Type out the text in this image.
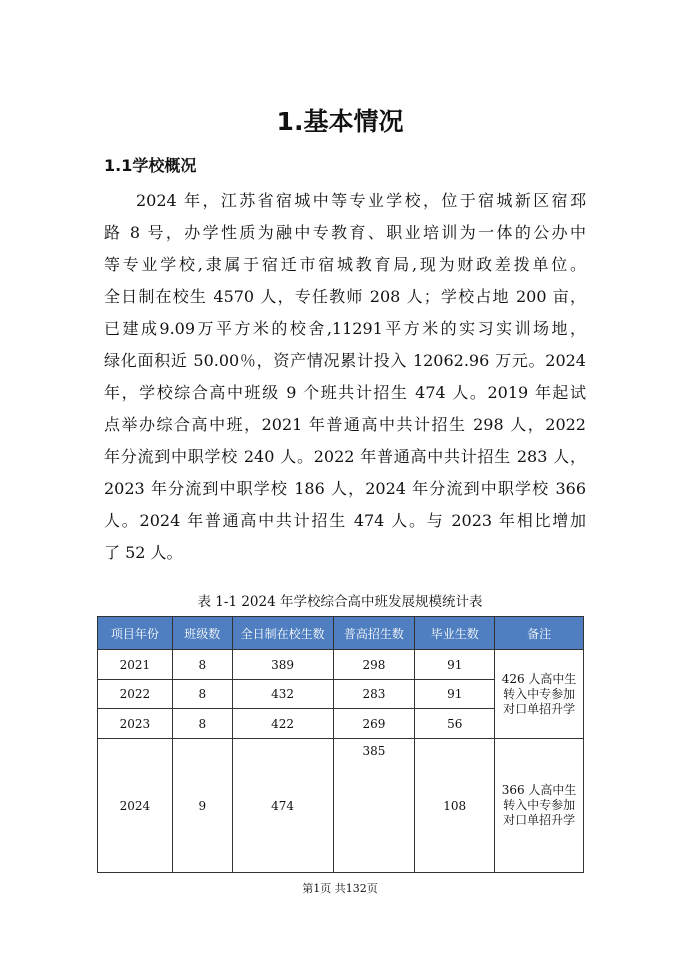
1.基本情况
1.1学校概况
2024 年，江苏省宿城中等专业学校，位于宿城新区宿邳
路 8 号，办学性质为融中专教育、职业培训为一体的公办中
等专业学校,隶属于宿迁市宿城教育局,现为财政差拨单位。
全日制在校生 4570 人，专任教师 208 人；学校占地 200 亩，
已建成9.09万平方米的校舍,11291平方米的实习实训场地，
绿化面积近 50.00％，资产情况累计投入 12062.96 万元。2024
年，学校综合高中班级 9 个班共计招生 474 人。2019 年起试
点举办综合高中班，2021 年普通高中共计招生 298 人，2022
年分流到中职学校 240 人。2022 年普通高中共计招生 283 人，
2023 年分流到中职学校 186 人，2024 年分流到中职学校 366
人。2024 年普通高中共计招生 474 人。与 2023 年相比增加
了 52 人。
表 1-1 2024 年学校综合高中班发展规模统计表
项目年份	班级数	全日制在校生数	普高招生数	毕业生数	备注
2021	8	389	298	91	426 人高中生转入中专参加对口单招升学
2022	8	432	283	91	
2023	8	422	269	56	
2024	9	474	385	108	366 人高中生转入中专参加对口单招升学
第1页 共132页
